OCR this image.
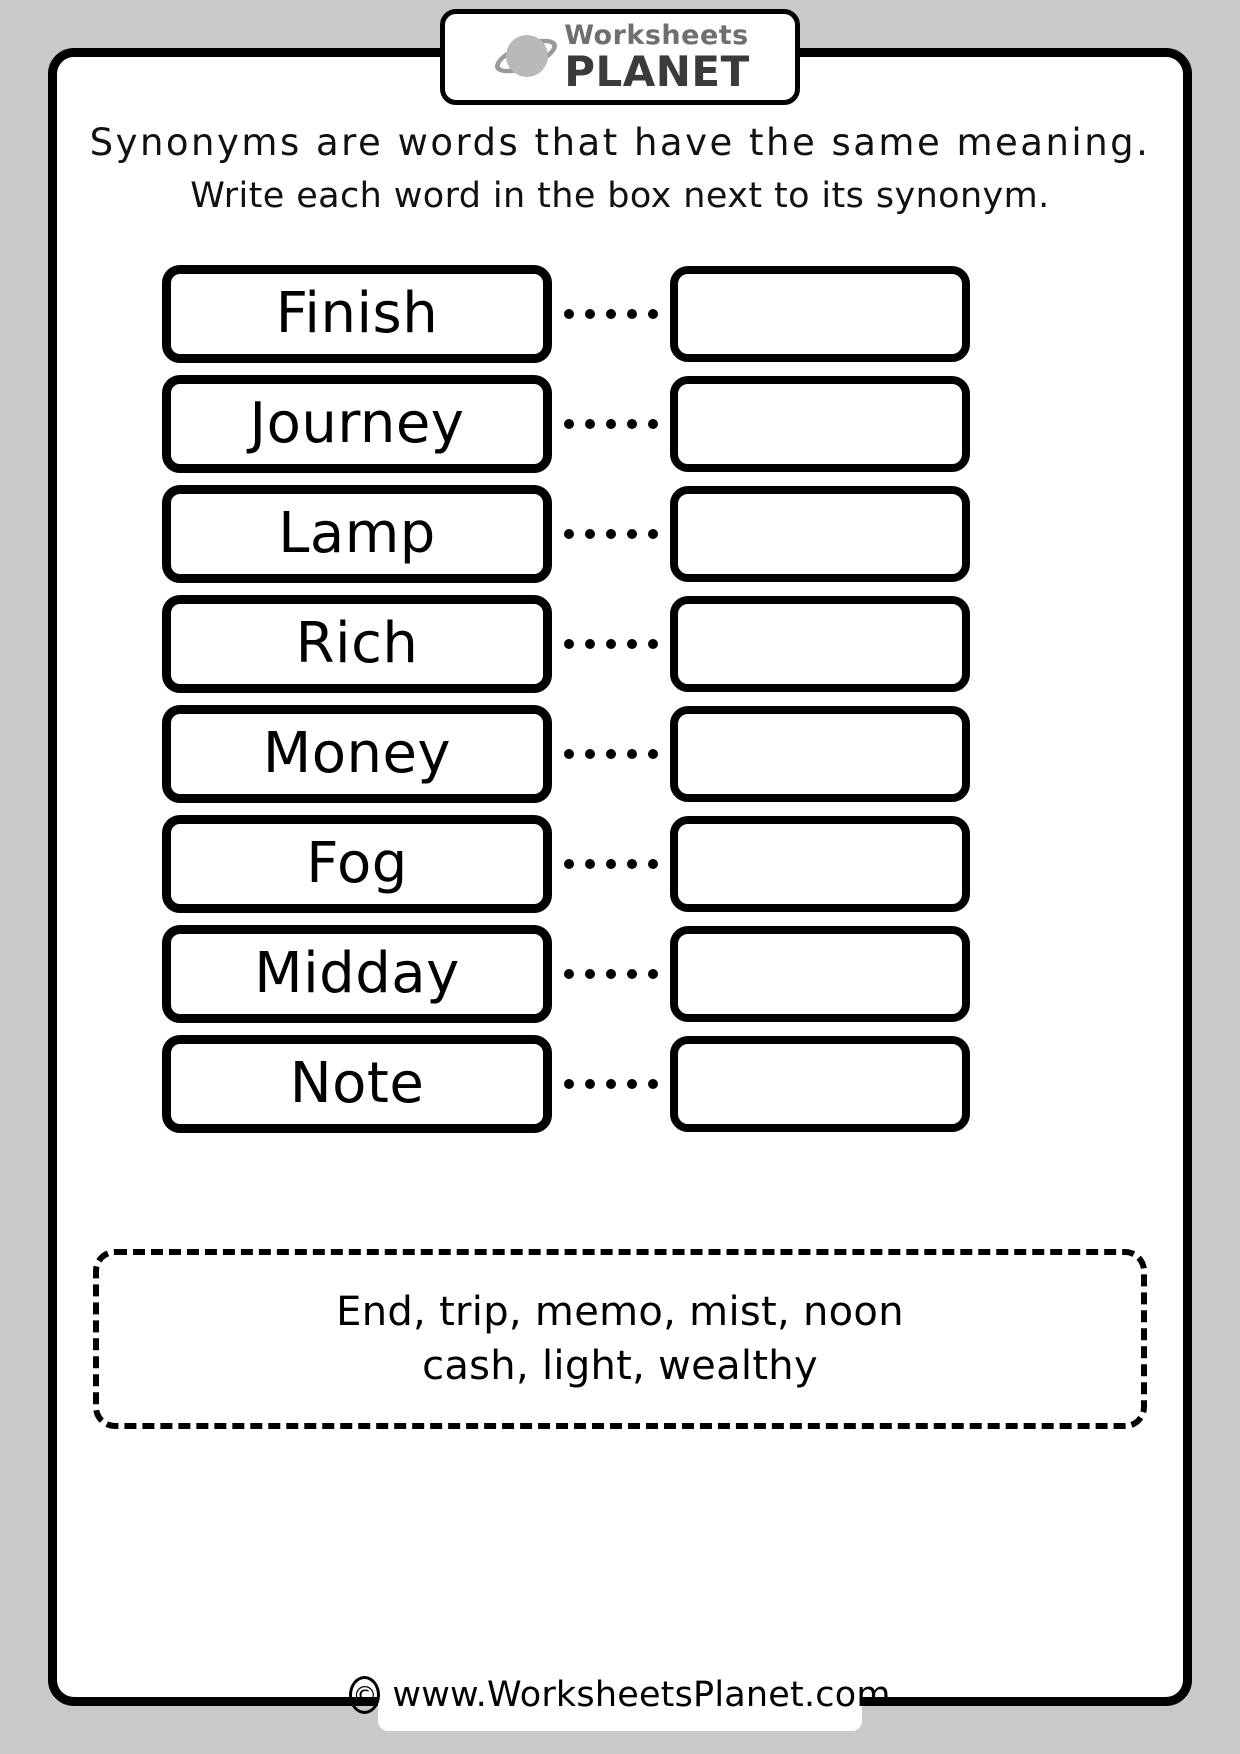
Worksheets
PLANET
Synonyms are words that have the same meaning.
Write each word in the box next to its synonym.
Finish
Journey
Lamp
Rich
Money
Fog
Midday
Note
End, trip, memo, mist, noon
cash, light, wealthy
© www.WorksheetsPlanet.com
